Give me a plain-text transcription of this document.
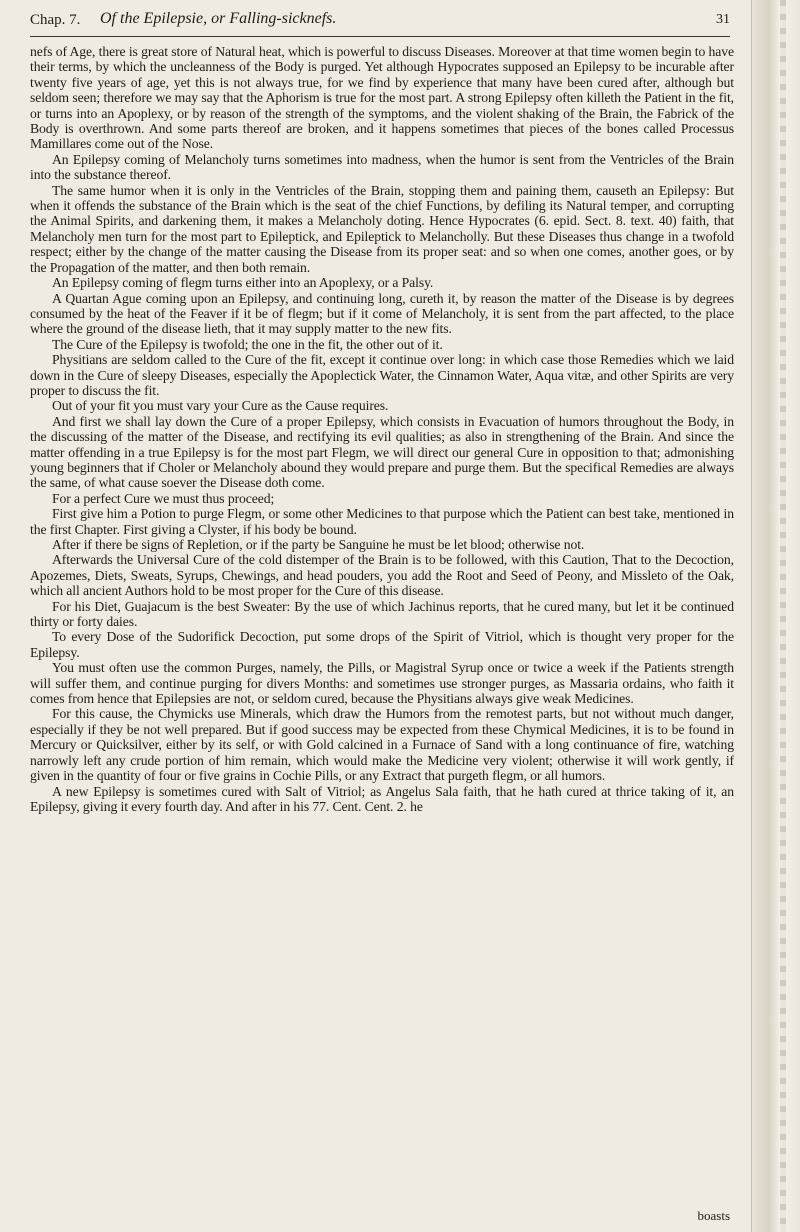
Chap. 7. Of the Epilepsie, or Falling-sicknefs.	31

nefs of Age, there is great store of Natural heat, which is powerful to discuss Diseases. Moreover at that time women begin to have their terms, by which the uncleanness of the Body is purged. Yet although Hypocrates supposed an Epilepsy to be incurable after twenty five years of age, yet this is not always true, for we find by experience that many have been cured after, although but seldom seen; therefore we may say that the Aphorism is true for the most part. A strong Epilepsy often killeth the Patient in the fit, or turns into an Apoplexy, or by reason of the strength of the symptoms, and the violent shaking of the Brain, the Fabrick of the Body is overthrown. And some parts thereof are broken, and it happens sometimes that pieces of the bones called Processus Mamillares come out of the Nose.

An Epilepsy coming of Melancholy turns sometimes into madness, when the humor is sent from the Ventricles of the Brain into the substance thereof.

The same humor when it is only in the Ventricles of the Brain, stopping them and paining them, causeth an Epilepsy: But when it offends the substance of the Brain which is the seat of the chief Functions, by defiling its Natural temper, and corrupting the Animal Spirits, and darkening them, it makes a Melancholy doting. Hence Hypocrates (6. epid. Sect. 8. text. 40) faith, that Melancholy men turn for the most part to Epileptick, and Epileptick to Melancholly. But these Diseases thus change in a twofold respect; either by the change of the matter causing the Disease from its proper seat: and so when one comes, another goes, or by the Propagation of the matter, and then both remain.

An Epilepsy coming of flegm turns either into an Apoplexy, or a Palsy.

A Quartan Ague coming upon an Epilepsy, and continuing long, cureth it, by reason the matter of the Disease is by degrees consumed by the heat of the Feaver if it be of flegm; but if it come of Melancholy, it is sent from the part affected, to the place where the ground of the disease lieth, that it may supply matter to the new fits.

The Cure of the Epilepsy is twofold; the one in the fit, the other out of it.

Physitians are seldom called to the Cure of the fit, except it continue over long: in which case those Remedies which we laid down in the Cure of sleepy Diseases, especially the Apoplectick Water, the Cinnamon Water, Aqua vitæ, and other Spirits are very proper to discuss the fit.

Out of your fit you must vary your Cure as the Cause requires.

And first we shall lay down the Cure of a proper Epilepsy, which consists in Evacuation of humors throughout the Body, in the discussing of the matter of the Disease, and rectifying its evil qualities; as also in strengthening of the Brain. And since the matter offending in a true Epilepsy is for the most part Flegm, we will direct our general Cure in opposition to that; admonishing young beginners that if Choler or Melancholy abound they would prepare and purge them. But the specifical Remedies are always the same, of what cause soever the Disease doth come.

For a perfect Cure we must thus proceed;

First give him a Potion to purge Flegm, or some other Medicines to that purpose which the Patient can best take, mentioned in the first Chapter. First giving a Clyster, if his body be bound.

After if there be signs of Repletion, or if the party be Sanguine he must be let blood; otherwise not.

Afterwards the Universal Cure of the cold distemper of the Brain is to be followed, with this Caution, That to the Decoction, Apozemes, Diets, Sweats, Syrups, Chewings, and head pouders, you add the Root and Seed of Peony, and Missleto of the Oak, which all ancient Authors hold to be most proper for the Cure of this disease.

For his Diet, Guajacum is the best Sweater: By the use of which Jachinus reports, that he cured many, but let it be continued thirty or forty daies.

To every Dose of the Sudorifick Decoction, put some drops of the Spirit of Vitriol, which is thought very proper for the Epilepsy.

You must often use the common Purges, namely, the Pills, or Magistral Syrup once or twice a week if the Patients strength will suffer them, and continue purging for divers Months: and sometimes use stronger purges, as Massaria ordains, who faith it comes from hence that Epilepsies are not, or seldom cured, because the Physitians always give weak Medicines.

For this cause, the Chymicks use Minerals, which draw the Humors from the remotest parts, but not without much danger, especially if they be not well prepared. But if good success may be expected from these Chymical Medicines, it is to be found in Mercury or Quicksilver, either by its self, or with Gold calcined in a Furnace of Sand with a long continuance of fire, watching narrowly left any crude portion of him remain, which would make the Medicine very violent; otherwise it will work gently, if given in the quantity of four or five grains in Cochie Pills, or any Extract that purgeth flegm, or all humors.

A new Epilepsy is sometimes cured with Salt of Vitriol; as Angelus Sala faith, that he hath cured at thrice taking of it, an Epilepsy, giving it every fourth day. And after in his 77. Cent. Cent. 2. he

boasts
